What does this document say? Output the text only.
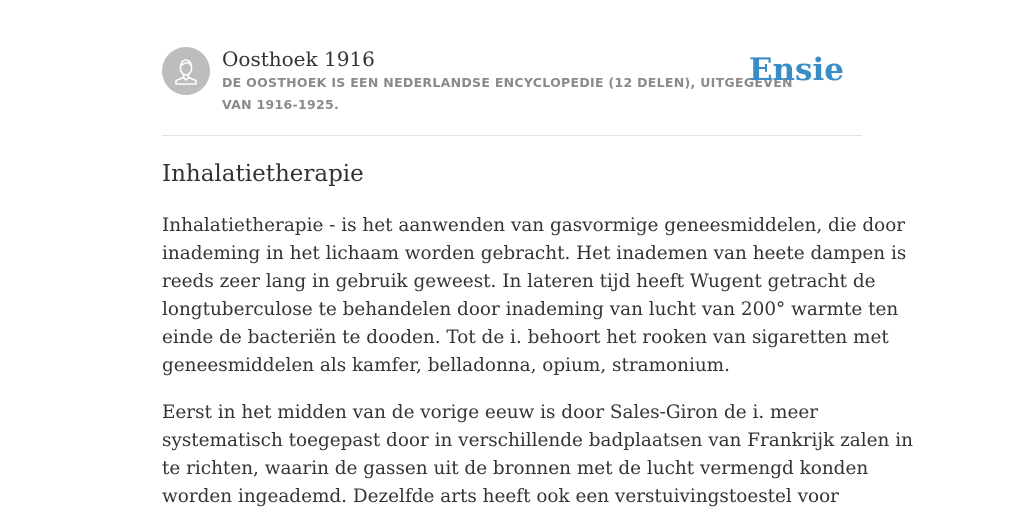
Oosthoek 1916
DE OOSTHOEK IS EEN NEDERLANDSE ENCYCLOPEDIE (12 DELEN), UITGEGEVEN
VAN 1916-1925.
Ensie
Inhalatietherapie

Inhalatietherapie - is het aanwenden van gasvormige geneesmiddelen, die door
inademing in het lichaam worden gebracht. Het inademen van heete dampen is
reeds zeer lang in gebruik geweest. In lateren tijd heeft Wugent getracht de
longtuberculose te behandelen door inademing van lucht van 200° warmte ten
einde de bacteriën te dooden. Tot de i. behoort het rooken van sigaretten met
geneesmiddelen als kamfer, belladonna, opium, stramonium.

Eerst in het midden van de vorige eeuw is door Sales-Giron de i. meer
systematisch toegepast door in verschillende badplaatsen van Frankrijk zalen in
te richten, waarin de gassen uit de bronnen met de lucht vermengd konden
worden ingeademd. Dezelfde arts heeft ook een verstuivingstoestel voor
